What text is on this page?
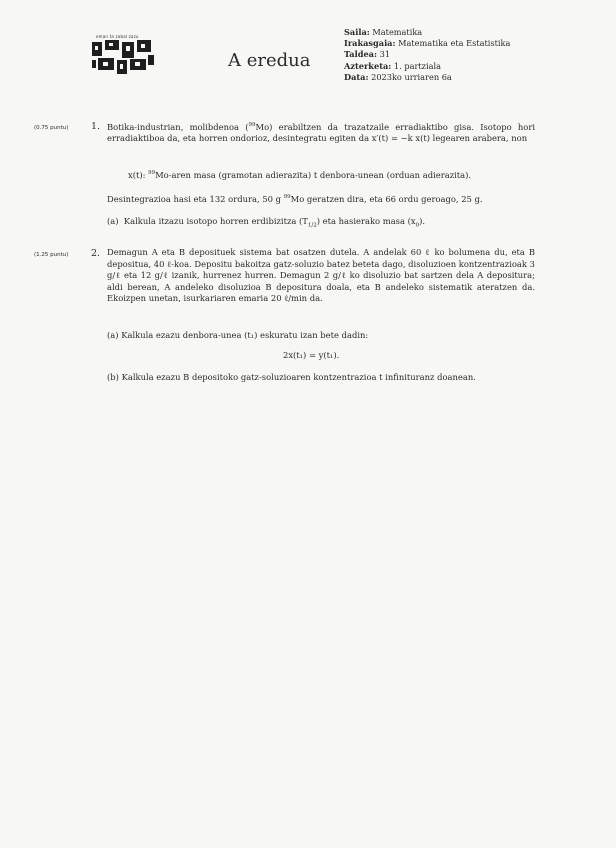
eman ta zabal zazu
A eredua
Saila: Matematika
Irakasgaia: Matematika eta Estatistika
Taldea: 31
Azterketa: 1. partziala
Data: 2023ko urriaren 6a
(0.75 puntu) 1. Botika-industrian, molibdenoa ($^{99}$Mo) erabiltzen da trazatzaile erradiaktibo gisa. Isotopo hori erradiaktiboa da, eta horren ondorioz, desintegratu egiten da x′(t) = −k x(t) legearen arabera, non
x(t): $^{99}$Mo-aren masa (gramotan adierazita) t denbora-unean (orduan adierazita).
Desintegrazioa hasi eta 132 ordura, 50 g $^{99}$Mo geratzen dira, eta 66 ordu geroago, 25 g.
(a) Kalkula itzazu isotopo horren erdibizitza $(T_{1/2})$ eta hasierako masa $(x_0)$.
(1.25 puntu) 2. Demagun A eta B deposituek sistema bat osatzen dutela. A andelak 60 ℓ ko bolumena du, eta B depositua, 40 ℓ-koa. Depositu bakoitza gatz-soluzio batez beteta dago, disoluzioen kontzentrazioak 3 g/ℓ eta 12 g/ℓ izanik, hurrenez hurren. Demagun 2 g/ℓ ko disoluzio bat sartzen dela A depositura; aldi berean, A andeleko disoluzioa B depositura doala, eta B andeleko sistematik ateratzen da. Ekoizpen unetan, isurkariaren emaria 20 ℓ/min da.
(a) Kalkula ezazu denbora-unea (t₁) eskuratu izan bete dadin:
2x(t₁) = y(t₁).
(b) Kalkula ezazu B depositoko gatz-soluzioaren kontzentrazioa t infinituranz doanean.
